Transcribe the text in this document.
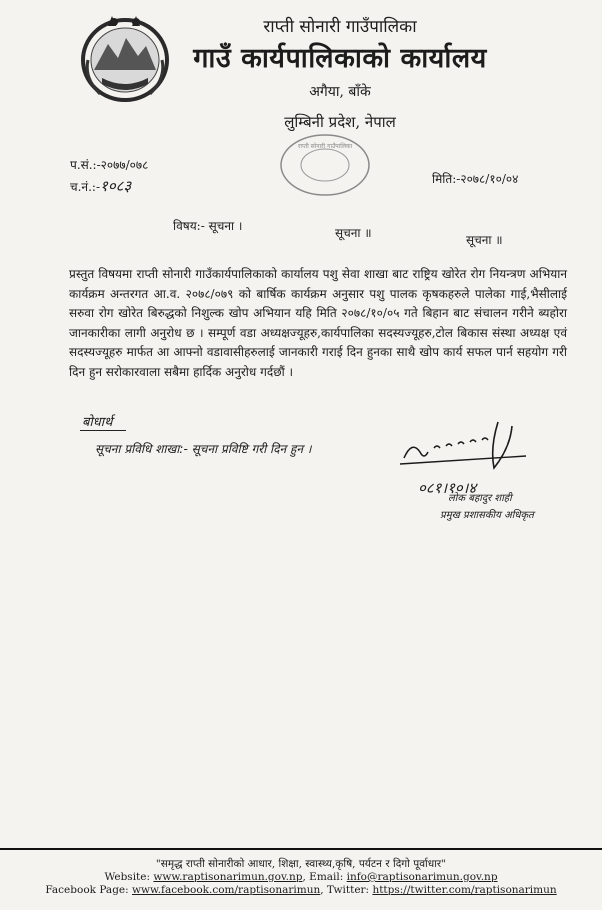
राप्ती सोनारी गाउँपालिका
गाउँ कार्यपालिकाको कार्यालय
अगैया, बाँके
लुम्बिनी प्रदेश, नेपाल
राप्ती सोनारी गाउँपालिका
प.सं.:-२०७७/०७८
च.नं.:-१०८३	मिति:-२०७८/१०/०४
विषय:- सूचना ।	सूचना ॥	सूचना ॥
प्रस्तुत विषयमा राप्ती सोनारी गाउँकार्यपालिकाको कार्यालय पशु सेवा शाखा बाट राष्ट्रिय खोरेत रोग नियन्त्रण अभियान कार्यक्रम अन्तरगत आ.व. २०७८/०७९ को बार्षिक कार्यक्रम अनुसार पशु पालक कृषकहरुले पालेका गाई,भैसीलाई सरुवा रोग खोरेत बिरुद्धको निशुल्क खोप अभियान यहि मिति २०७८/१०/०५ गते बिहान बाट संचालन गरीने ब्यहोरा जानकारीका लागी अनुरोध छ । सम्पूर्ण वडा अध्यक्षज्यूहरु,कार्यपालिका सदस्यज्यूहरु,टोल बिकास संस्था अध्यक्ष एवं सदस्यज्यूहरु मार्फत आ आफ्नो वडावासीहरुलाई जानकारी गराई दिन हुनका साथै खोप कार्य सफल पार्न सहयोग गरी दिन हुन सरोकारवाला सबैमा हार्दिक अनुरोध गर्दछौं ।
बोधार्थ
सूचना प्रविधि शाखा:- सूचना प्रविष्टि गरी दिन हुन ।
०८१।१०।४
लोक बहादुर शाही
प्रमुख प्रशासकीय अधिकृत
"समृद्ध राप्ती सोनारीको आधार, शिक्षा, स्वास्थ्य,कृषि, पर्यटन र दिगो पूर्वाधार"
Website: www.raptisonarimun.gov.np, Email: info@raptisonarimun.gov.np
Facebook Page: www.facebook.com/raptisonarimun, Twitter: https://twitter.com/raptisonarimun
